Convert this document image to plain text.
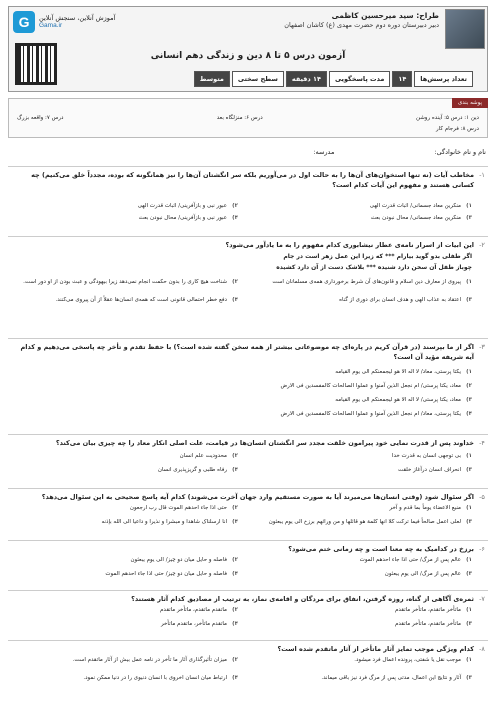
طراح: سید میرحسین کاظمی
دبیر دبیرستان دوره دوم حضرت مهدی (ع) کاشان اصفهان
آموزش آنلاین، سنجش آنلاین
Gama.ir
G
آزمون درس ۵ تا ۸ دین و زندگی دهم انسانی
تعداد پرسش‌ها
۱۴
مدت پاسخگویی
۱۴ دقیقه
سطح سختی
متوسط
پوشه بندی
دین ۱: درس ۵: آینده روشن
درس ۶: منزلگاه بعد
درس ۷: واقعه بزرگ
درس ۸: فرجام کار
نام و نام خانوادگی:
مدرسه:
۱-
مخاطب آیات (نه تنها استخوان‌های آن‌ها را به حالت اول در می‌آوریم بلکه سر انگشتان آن‌ها را نیز همانگونه که بوده، مجدداً خلق می‌کنیم) چه کسانی هستند و مفهوم این آیات کدام است؟
۱)
منکرین معاد جسمانی/ اثبات قدرت الهی
۲)
عبور نبی و بازآفرینی/ اثبات قدرت الهی
۳)
منکرین معاد جسمانی/ محال نبودن بعث
۴)
عبور نبی و بازآفرینی/ محال نبودن بعث
۲-
این ابیات از اسرار نامه‌ی عطار نیشابوری کدام مفهوم را به ما یادآور می‌شود؟
اگر طفلی بدو گوید بیارام *** که زیرا این عمل زهر است در جام
چوباز طفل آن سخن دارد شنیده *** بلاشک دست از آن دارد کشیده
۱)
پیروی از معارف دین اسلام و قانون‌های آن شرط برخورداری همه‌ی مسلمانان است
۲)
شناخت هیچ کاری را بدون حکمت انجام نمی‌دهد زیرا بیهودگی و عبث بودن از او دور است.
۳)
اعتقاد به عذاب الهی و هدف انسان برای دوری از گناه
۴)
دفع خطر احتمالی قانونی است که همه‌ی انسان‌ها عقلاً از آن پیروی می‌کنند.
۳-
اگر از ما بپرسند (در قرآن کریم در پاره‌ای چه موضوعاتی بیشتر از همه سخن گفته شده است؟) با حفظ تقدم و تأخر چه پاسخی می‌دهیم و کدام آیه شریفه مؤید آن است؟
۱)
یکتا پرستی، معاد/ لا اله الا هو لیجمعنکم الی یوم القیامه
۲)
معاد، یکتا پرستی/ ام نجعل الذین آمنوا و عملوا الصالحات کالمفسدین فی الارض
۳)
معاد، یکتا پرستی/ لا اله الا هو لیجمعنکم الی یوم القیامه
۴)
یکتا پرستی، معاد/ ام نجعل الذین آمنوا و عملوا الصالحات کالمفسدین فی الارض
۴-
خداوند پس از قدرت نمایی خود پیرامون خلقت مجدد سر انگشتان انسان‌ها در قیامت، علت اصلی انکار معاد را چه چیزی بیان می‌کند؟
۱)
بی توجهی انسان به قدرت خدا
۲)
محدودیت علم انسان
۳)
انحراف انسان درآغاز خلقت
۴)
رفاه طلبی و گریزپذیری انسان
۵-
اگر سئوال شود (وقتی انسان‌ها می‌میرند آیا به صورت مستقیم وارد جهان آخرت می‌شوند) کدام آیه پاسخ صحیحی به این سئوال می‌دهد؟
۱)
منیع الاعضاء یوماً بما قدم و آخر
۲)
حتی اذا جاء احدهم الموت قال رب ارجعون
۳)
لعلی اعمل صالحاً فیما ترکت کلا انها کلمة هو قائلها و من ورائهم برزخ الی یوم یبعثون
۴)
انا ارسلناک شاهدا و مبشرا و نذیرا و داعیا الی الله بإذنه
۶-
برزخ در کدامیک به چه معنا است و چه زمانی ختم می‌شود؟
۱)
عالم پس از مرگ/ حتی اذا جاء احدهم الموت
۲)
فاصله و حایل میان دو چیز/ الی یوم یبعثون
۳)
عالم پس از مرگ/ الی یوم یبعثون
۴)
فاصله و حایل میان دو چیز/ حتی اذا جاء احدهم الموت
۷-
ثمره‌ی آگاهی از گناه، روزه گرفتن، انفاق برای مردگان و اقامه‌ی نماز، به ترتیب از مصادیق کدام آثار هستند؟
۱)
ماتأخر ماتقدم، ماتأخر ماتقدم
۲)
ماتقدم ماتقدم، ماتأخر ماتقدم
۳)
ماتأخر ماتقدم، ماتأخر ماتقدم
۴)
ماتقدم ماتأخر، ماتقدم ماتأخر
۸-
کدام ویژگی موجب تمایز آثار ماتأخر از آثار ماتقدم شده است؟
۱)
موجب نقل یا شفتی، پرونده اعمال فرد میشود.
۲)
میزان تأثیرگذاری آثار ما تأخر در نامه عمل بیش از آثار ماتقدم است.
۳)
آثار و نتایج این اعمال، مدتی پس از مرگ فرد نیز باقی میماند.
۴)
ارتباط میان انسان اخروی با انسان دنیوی را در دنیا ممکن نمود.
